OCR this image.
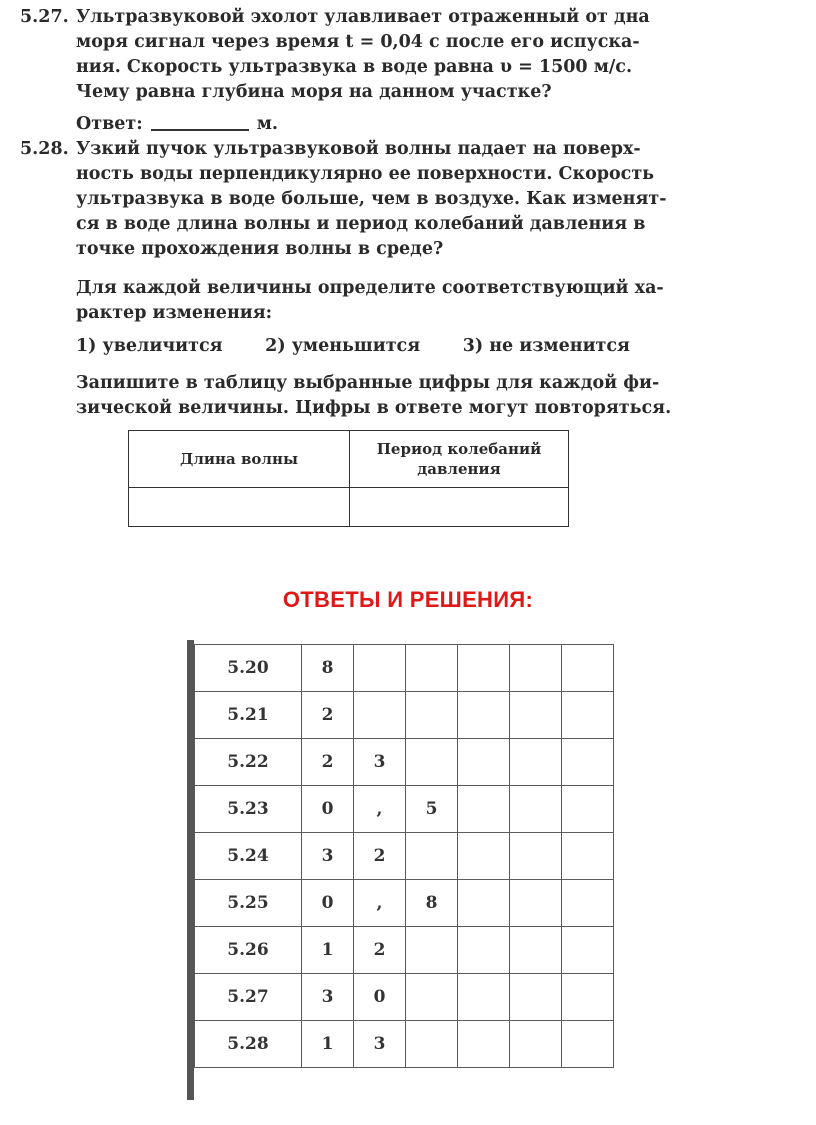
5.27. Ультразвуковой эхолот улавливает отраженный от дна
моря сигнал через время t = 0,04 с после его испуска-
ния. Скорость ультразвука в воде равна υ = 1500 м/с.
Чему равна глубина моря на данном участке?
Ответ:	м.
5.28. Узкий пучок ультразвуковой волны падает на поверх-
ность воды перпендикулярно ее поверхности. Скорость
ультразвука в воде больше, чем в воздухе. Как изменят-
ся в воде длина волны и период колебаний давления в
точке прохождения волны в среде?
Для каждой величины определите соответствующий ха-
рактер изменения:
1) увеличится 2) уменьшится 3) не изменится
Запишите в таблицу выбранные цифры для каждой фи-
зической величины. Цифры в ответе могут повторяться.
Длина волны	Период колебаний
давления

ОТВЕТЫ И РЕШЕНИЯ:
5.20	8					
5.21	2					
5.22	2	3				
5.23	0	,	5			
5.24	3	2				
5.25	0	,	8			
5.26	1	2				
5.27	3	0				
5.28	1	3				
